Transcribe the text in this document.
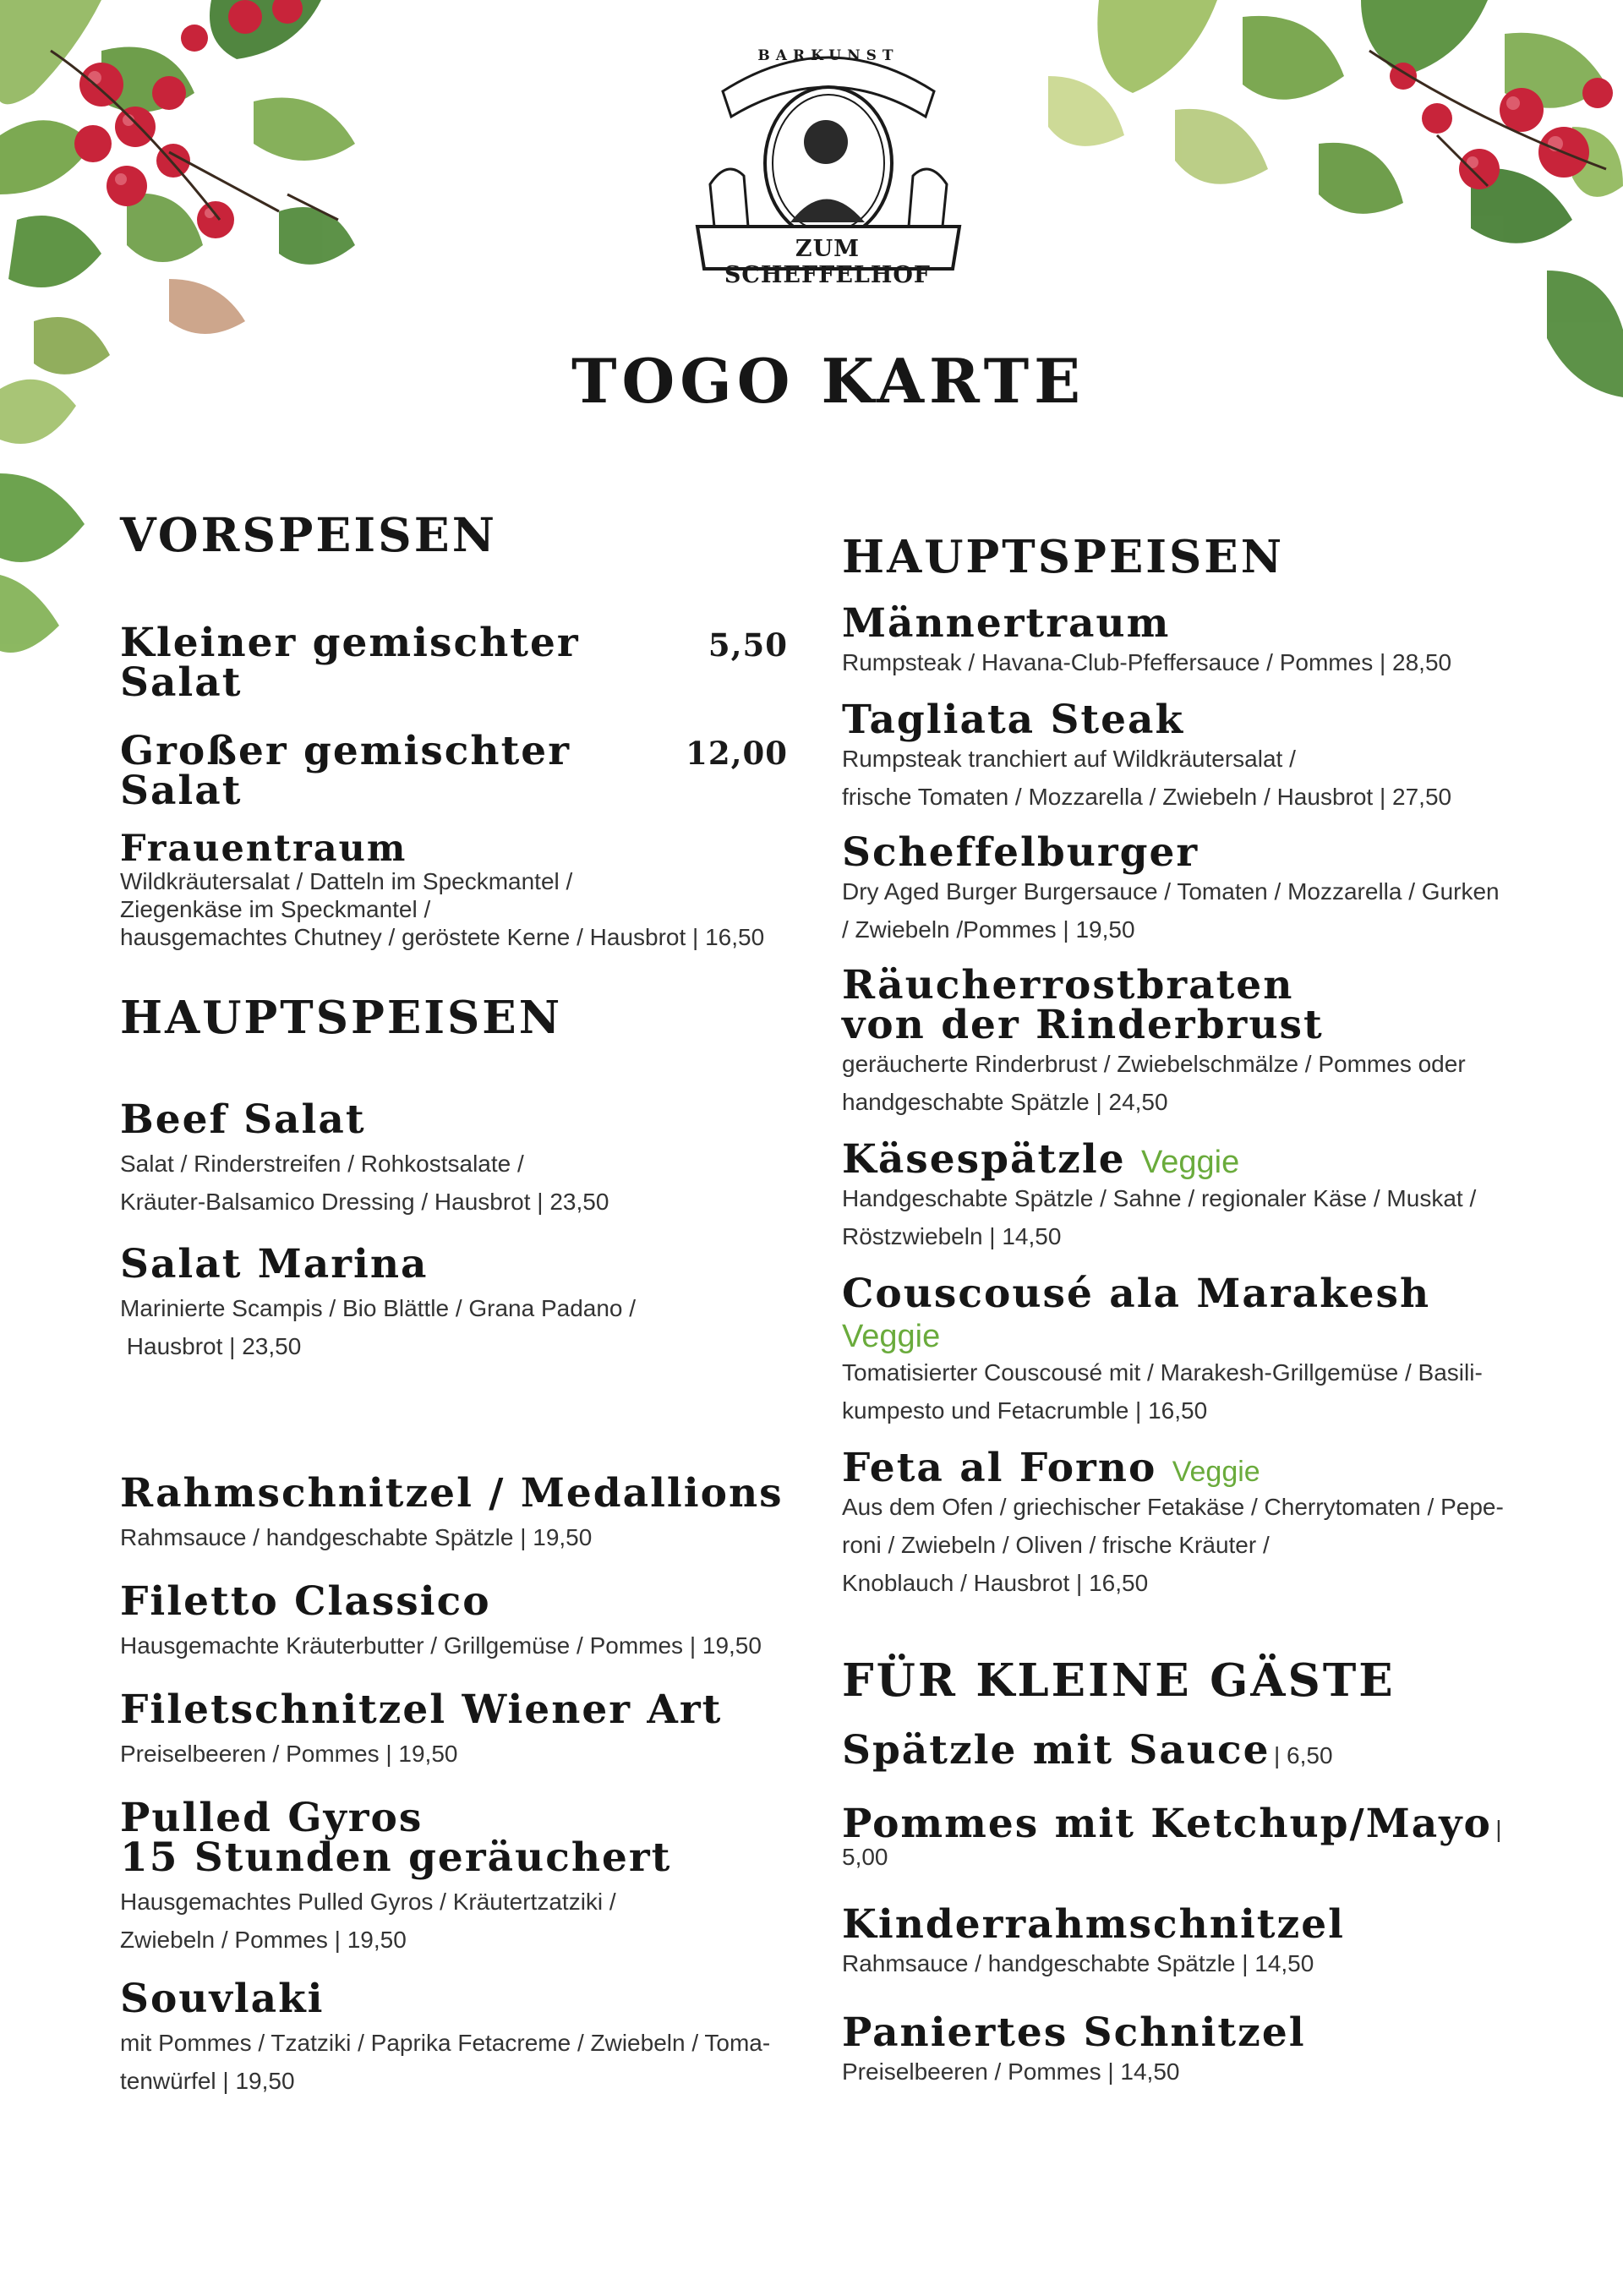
BARKUNST
ZUM SCHEFFELHOF
TOGO KARTE
VORSPEISEN
Kleiner gemischter Salat
5,50
Großer gemischter Salat
12,00
Frauentraum
Wildkräutersalat / Datteln im Speckmantel /
Ziegenkäse im Speckmantel /
hausgemachtes Chutney / geröstete Kerne / Hausbrot | 16,50
HAUPTSPEISEN
Beef Salat
Salat / Rinderstreifen / Rohkostsalate /
Kräuter-Balsamico Dressing / Hausbrot | 23,50
Salat Marina
Marinierte Scampis / Bio Blättle / Grana Padano /
Hausbrot | 23,50
Rahmschnitzel / Medallions
Rahmsauce / handgeschabte Spätzle | 19,50
Filetto Classico
Hausgemachte Kräuterbutter / Grillgemüse / Pommes | 19,50
Filetschnitzel Wiener Art
Preiselbeeren / Pommes | 19,50
Pulled Gyros
15 Stunden geräuchert
Hausgemachtes Pulled Gyros / Kräutertzatziki /
Zwiebeln / Pommes | 19,50
Souvlaki
mit Pommes / Tzatziki / Paprika Fetacreme / Zwiebeln / Toma-
tenwürfel | 19,50
HAUPTSPEISEN
Männertraum
Rumpsteak / Havana-Club-Pfeffersauce / Pommes | 28,50
Tagliata Steak
Rumpsteak tranchiert auf Wildkräutersalat /
frische Tomaten / Mozzarella / Zwiebeln / Hausbrot | 27,50
Scheffelburger
Dry Aged Burger Burgersauce / Tomaten / Mozzarella / Gurken
/ Zwiebeln /Pommes | 19,50
Räucherrostbraten
von der Rinderbrust
geräucherte Rinderbrust / Zwiebelschmälze / Pommes oder
handgeschabte Spätzle | 24,50
Käsespätzle Veggie
Handgeschabte Spätzle / Sahne / regionaler Käse / Muskat /
Röstzwiebeln | 14,50
Couscousé ala Marakesh Veggie
Tomatisierter Couscousé mit / Marakesh-Grillgemüse / Basili-
kumpesto und Fetacrumble | 16,50
Feta al Forno Veggie
Aus dem Ofen / griechischer Fetakäse / Cherrytomaten / Pepe-
roni / Zwiebeln / Oliven / frische Kräuter /
Knoblauch / Hausbrot | 16,50
FÜR KLEINE GÄSTE
Spätzle mit Sauce | 6,50
Pommes mit Ketchup/Mayo | 5,00
Kinderrahmschnitzel
Rahmsauce / handgeschabte Spätzle | 14,50
Paniertes Schnitzel
Preiselbeeren / Pommes | 14,50
